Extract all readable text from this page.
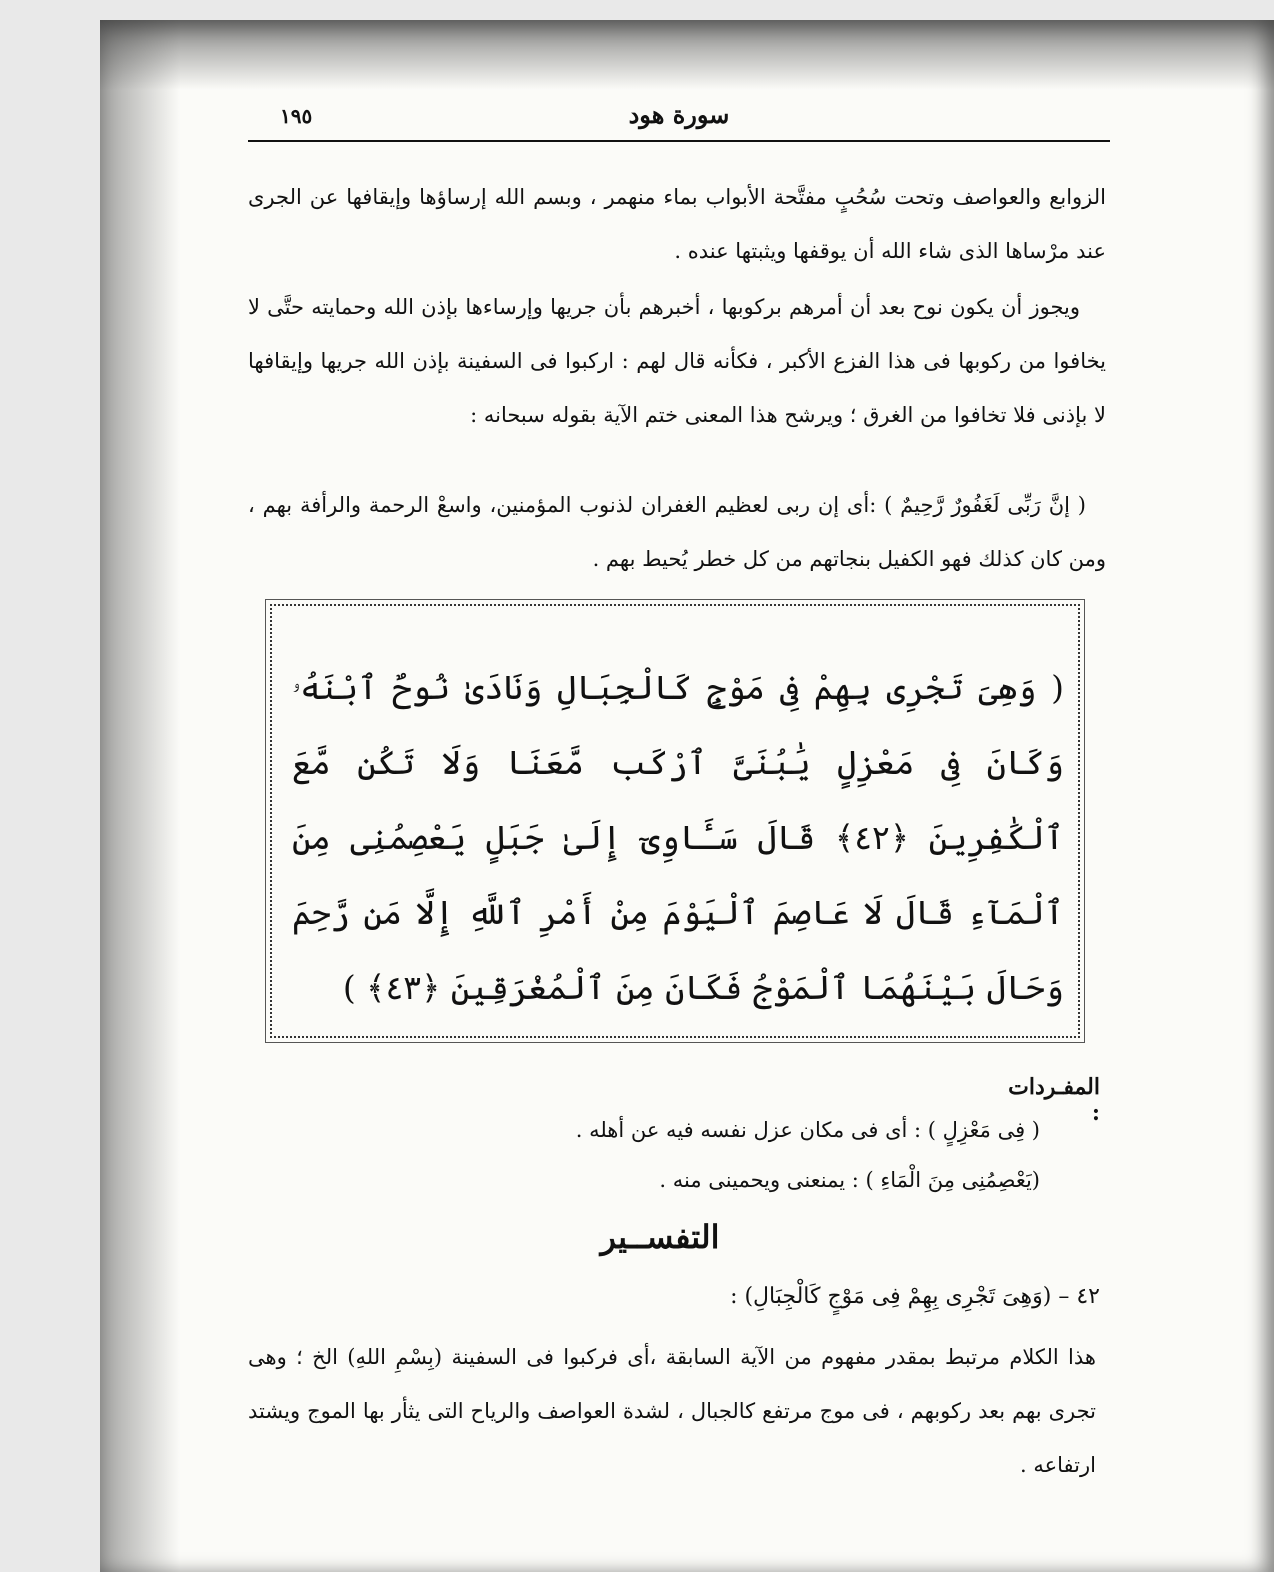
١٩٥	سورة هود

الزوابع والعواصف وتحت سُحُبٍ مفتَّحة الأبواب بماء منهمر ، وبسم الله إرساؤها وإيقافها عن الجرى عند مرْساها الذى شاء الله أن يوقفها ويثبتها عنده .

ويجوز أن يكون نوح بعد أن أمرهم بركوبها ، أخبرهم بأن جريها وإرساءها بإذن الله وحمايته حتَّى لا يخافوا من ركوبها فى هذا الفزع الأكبر ، فكأنه قال لهم : اركبوا فى السفينة بإذن الله جريها وإيقافها لا بإذنى فلا تخافوا من الغرق ؛ ويرشح هذا المعنى ختم الآية بقوله سبحانه :

( إنَّ رَبِّى لَغَفُورٌ رَّحِيمٌ ) :أى إن ربى لعظيم الغفران لذنوب المؤمنين، واسعْ الرحمة والرأفة بهم ، ومن كان كذلك فهو الكفيل بنجاتهم من كل خطر يُحيط بهم .

( وَهِىَ تَجْرِى بِهِمْ فِى مَوْجٍ كَالْجِبَالِ وَنَادَىٰ نُوحٌ ٱبْنَهُۥ وَكَانَ فِى مَعْزِلٍ يَٰبُنَىَّ ٱرْكَب مَّعَنَا وَلَا تَكُن مَّعَ ٱلْكَٰفِرِينَ ﴿٤٢﴾ قَالَ سَـَٔاوِىٓ إِلَىٰ جَبَلٍ يَعْصِمُنِى مِنَ ٱلْمَآءِ قَالَ لَا عَاصِمَ ٱلْيَوْمَ مِنْ أَمْرِ ٱللَّهِ إِلَّا مَن رَّحِمَ وَحَالَ بَيْنَهُمَا ٱلْمَوْجُ فَكَانَ مِنَ ٱلْمُغْرَقِينَ ﴿٤٣﴾ )

المفـردات :
( فِى مَعْزِلٍ ) : أى فى مكان عزل نفسه فيه عن أهله .
(يَعْصِمُنِى مِنَ الْمَاءِ ) : يمنعنى ويحمينى منه .
التفســير
٤٢ – (وَهِىَ تَجْرِى بِهِمْ فِى مَوْجٍ كَالْجِبَالِ) :

هذا الكلام مرتبط بمقدر مفهوم من الآية السابقة ،أى فركبوا فى السفينة (بِسْمِ اللهِ) الخ ؛ وهى تجرى بهم بعد ركوبهم ، فى موج مرتفع كالجبال ، لشدة العواصف والرياح التى يثأر بها الموج ويشتد ارتفاعه .
